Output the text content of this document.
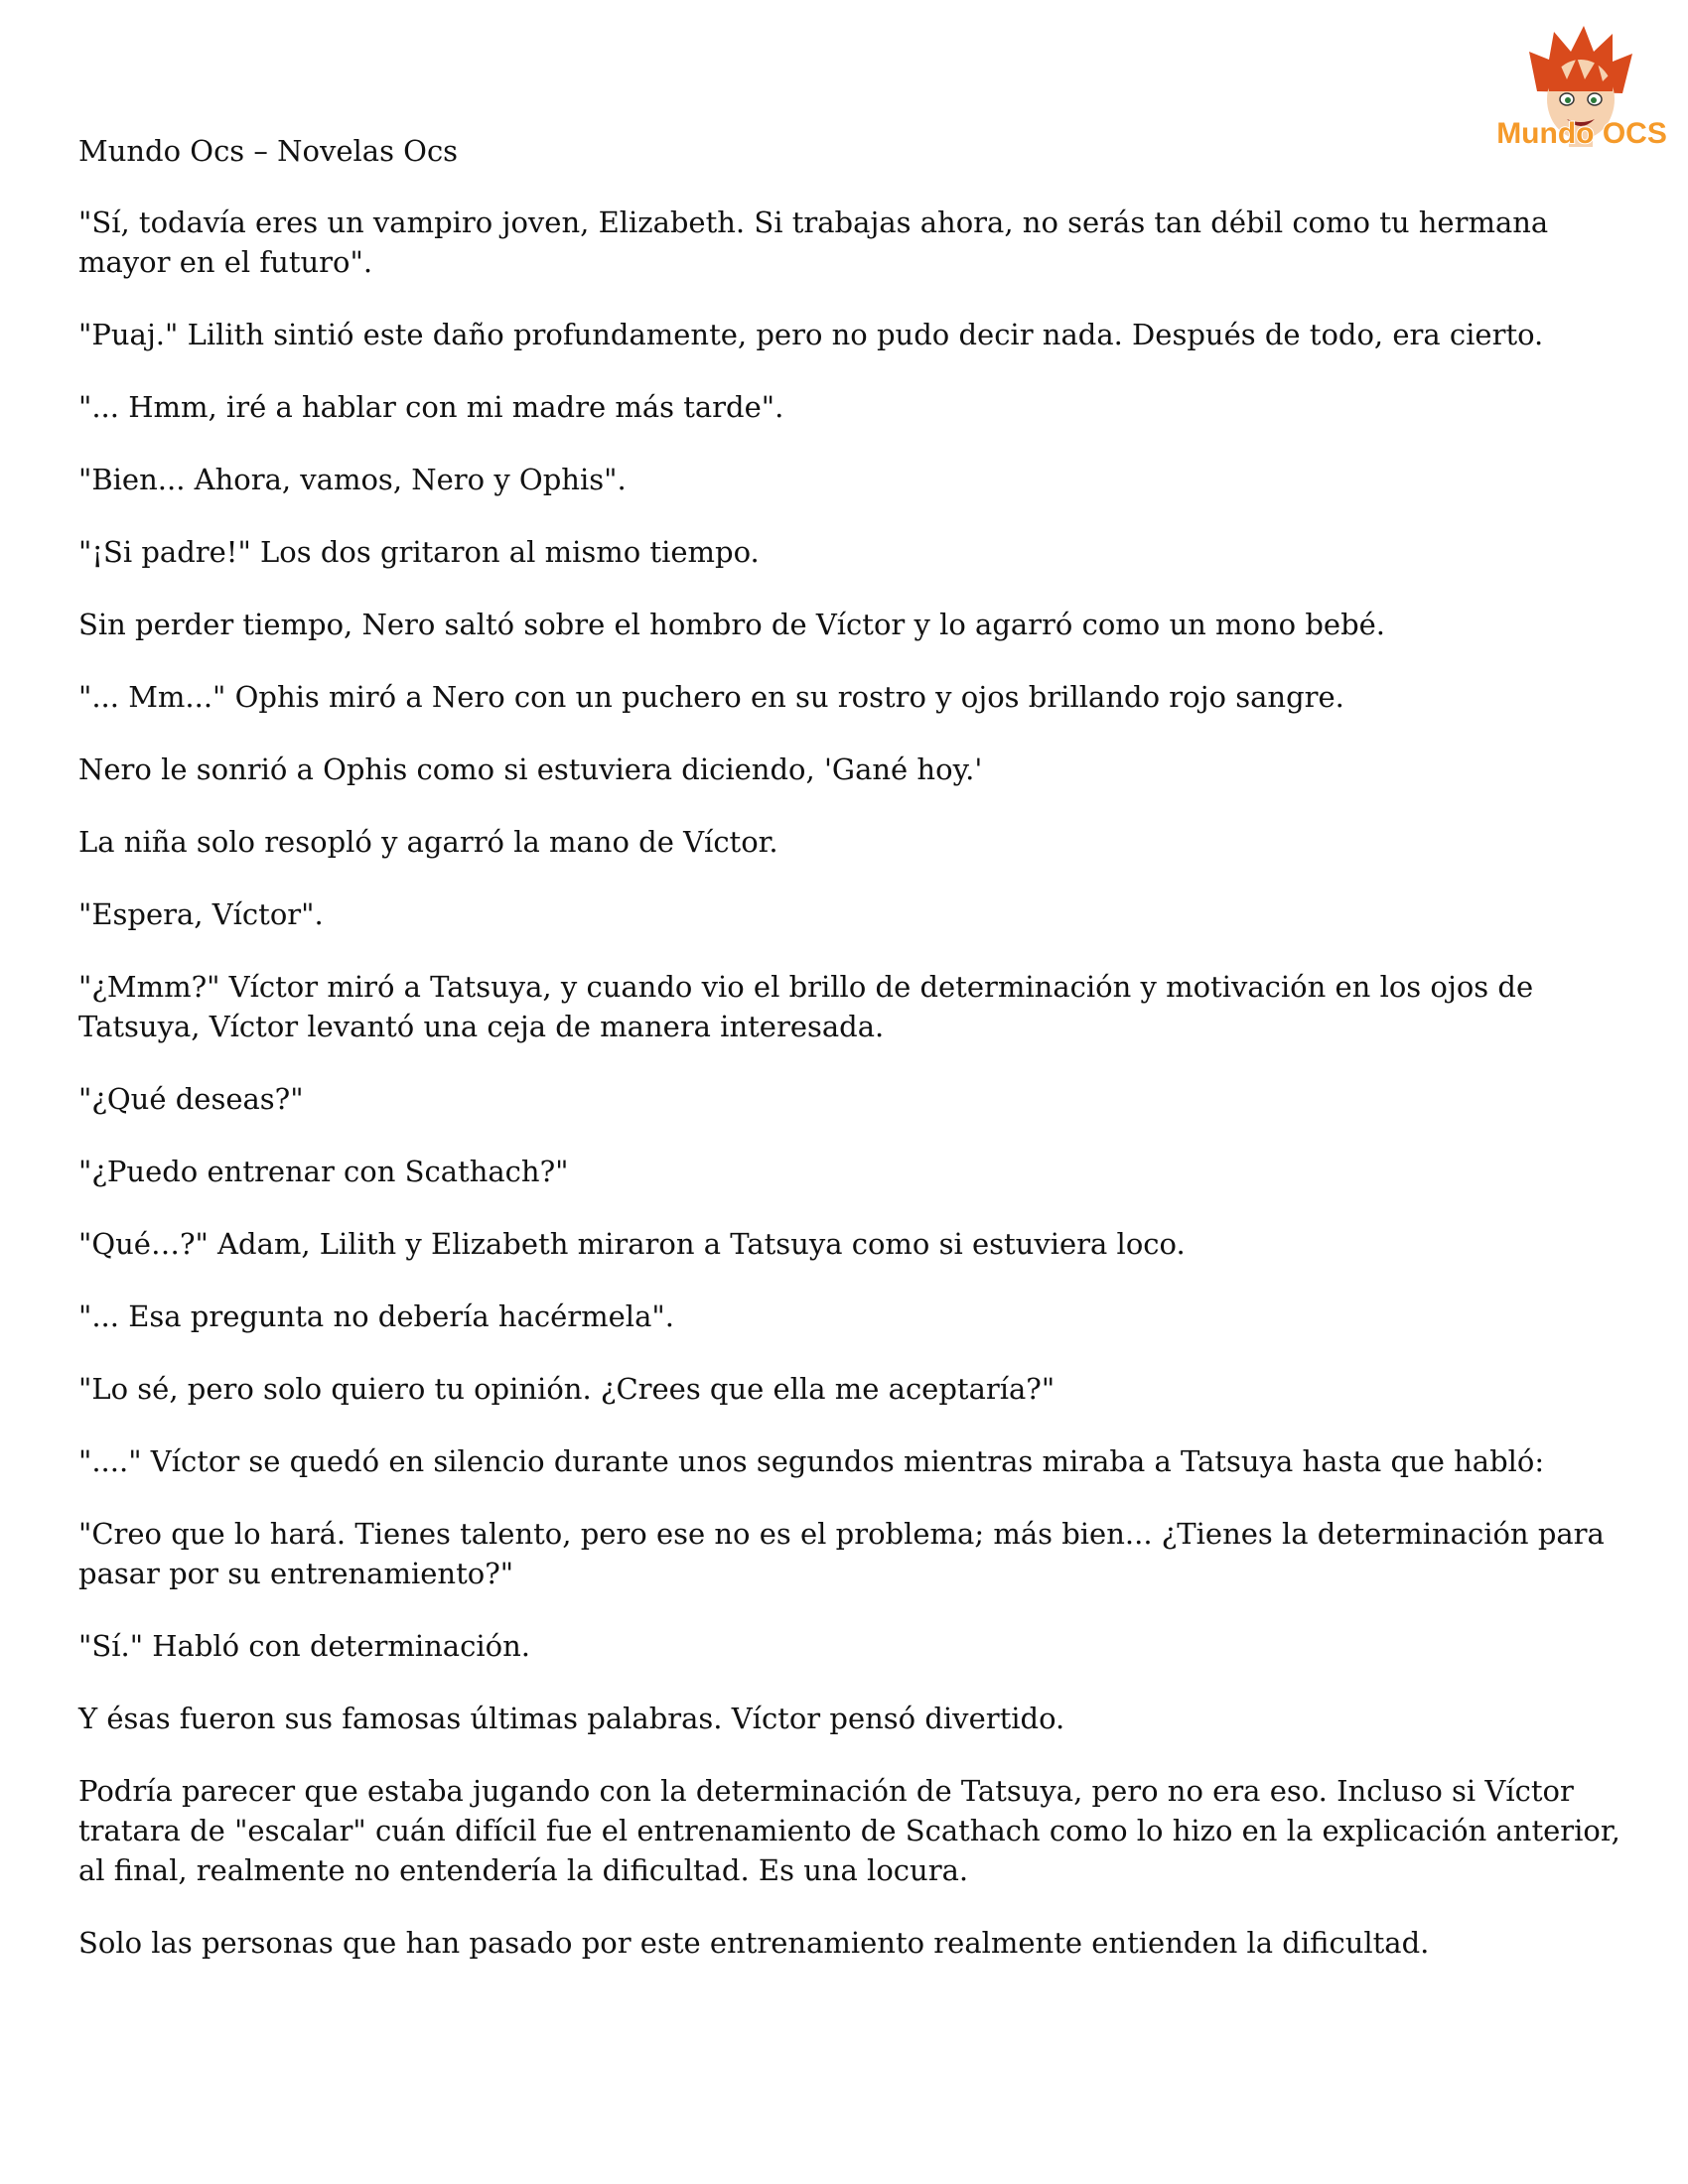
Mundo OCS
Mundo Ocs – Novelas Ocs

"Sí, todavía eres un vampiro joven, Elizabeth. Si trabajas ahora, no serás tan débil como tu hermana mayor en el futuro".

"Puaj." Lilith sintió este daño profundamente, pero no pudo decir nada. Después de todo, era cierto.

"... Hmm, iré a hablar con mi madre más tarde".

"Bien... Ahora, vamos, Nero y Ophis".

"¡Si padre!" Los dos gritaron al mismo tiempo.

Sin perder tiempo, Nero saltó sobre el hombro de Víctor y lo agarró como un mono bebé.

"... Mm..." Ophis miró a Nero con un puchero en su rostro y ojos brillando rojo sangre.

Nero le sonrió a Ophis como si estuviera diciendo, 'Gané hoy.'

La niña solo resopló y agarró la mano de Víctor.

"Espera, Víctor".

"¿Mmm?" Víctor miró a Tatsuya, y cuando vio el brillo de determinación y motivación en los ojos de Tatsuya, Víctor levantó una ceja de manera interesada.

"¿Qué deseas?"

"¿Puedo entrenar con Scathach?"

"Qué…?" Adam, Lilith y Elizabeth miraron a Tatsuya como si estuviera loco.

"... Esa pregunta no debería hacérmela".

"Lo sé, pero solo quiero tu opinión. ¿Crees que ella me aceptaría?"

"...." Víctor se quedó en silencio durante unos segundos mientras miraba a Tatsuya hasta que habló:

"Creo que lo hará. Tienes talento, pero ese no es el problema; más bien... ¿Tienes la determinación para pasar por su entrenamiento?"

"Sí." Habló con determinación.

Y ésas fueron sus famosas últimas palabras. Víctor pensó divertido.

Podría parecer que estaba jugando con la determinación de Tatsuya, pero no era eso. Incluso si Víctor tratara de "escalar" cuán difícil fue el entrenamiento de Scathach como lo hizo en la explicación anterior, al final, realmente no entendería la dificultad. Es una locura.

Solo las personas que han pasado por este entrenamiento realmente entienden la dificultad.
